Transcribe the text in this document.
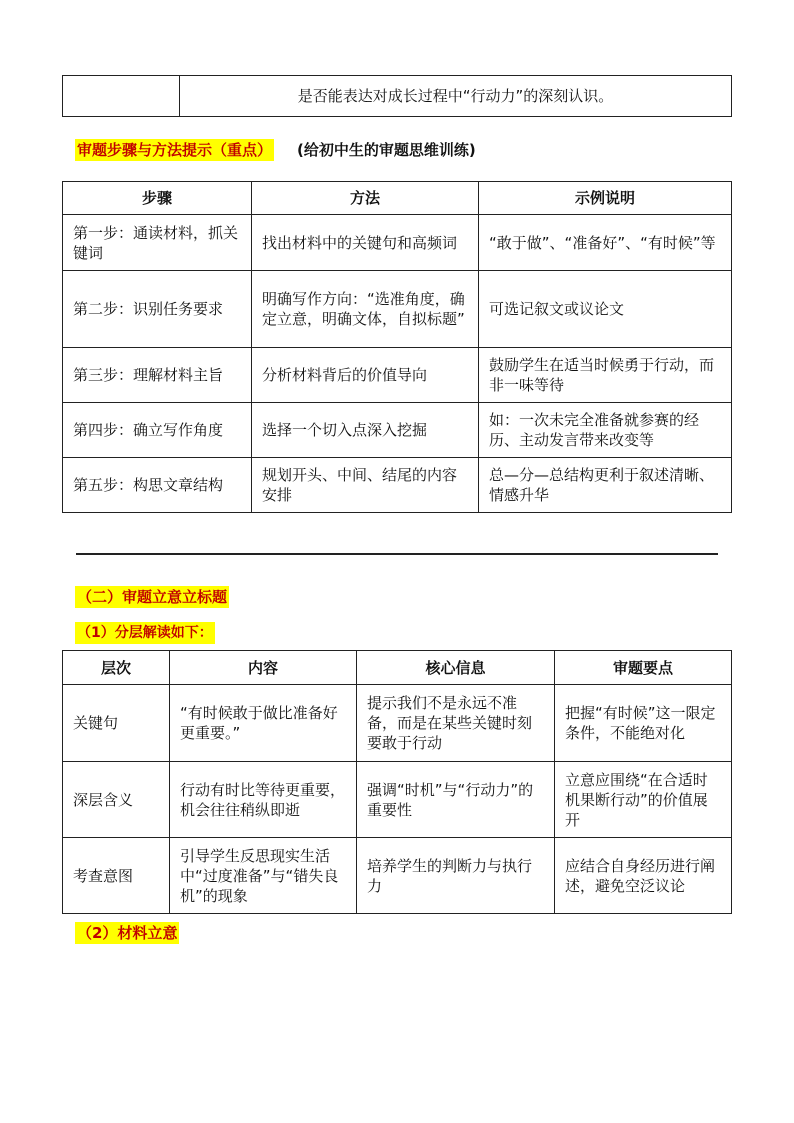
	是否能表达对成长过程中“行动力”的深刻认识。
审题步骤与方法提示（重点） (给初中生的审题思维训练)
步骤	方法	示例说明
第一步：通读材料，抓关键词	找出材料中的关键句和高频词	“敢于做”、“准备好”、“有时候”等
第二步：识别任务要求	明确写作方向：“选准角度，确定立意，明确文体，自拟标题”	可选记叙文或议论文
第三步：理解材料主旨	分析材料背后的价值导向	鼓励学生在适当时候勇于行动，而非一味等待
第四步：确立写作角度	选择一个切入点深入挖掘	如：一次未完全准备就参赛的经历、主动发言带来改变等
第五步：构思文章结构	规划开头、中间、结尾的内容安排	总—分—总结构更利于叙述清晰、情感升华
（二）审题立意立标题
（1）分层解读如下：
层次	内容	核心信息	审题要点
关键句	“有时候敢于做比准备好更重要。”	提示我们不是永远不准备，而是在某些关键时刻要敢于行动	把握“有时候”这一限定条件，不能绝对化
深层含义	行动有时比等待更重要，机会往往稍纵即逝	强调“时机”与“行动力”的重要性	立意应围绕“在合适时机果断行动”的价值展开
考查意图	引导学生反思现实生活中“过度准备”与“错失良机”的现象	培养学生的判断力与执行力	应结合自身经历进行阐述，避免空泛议论
（2）材料立意
